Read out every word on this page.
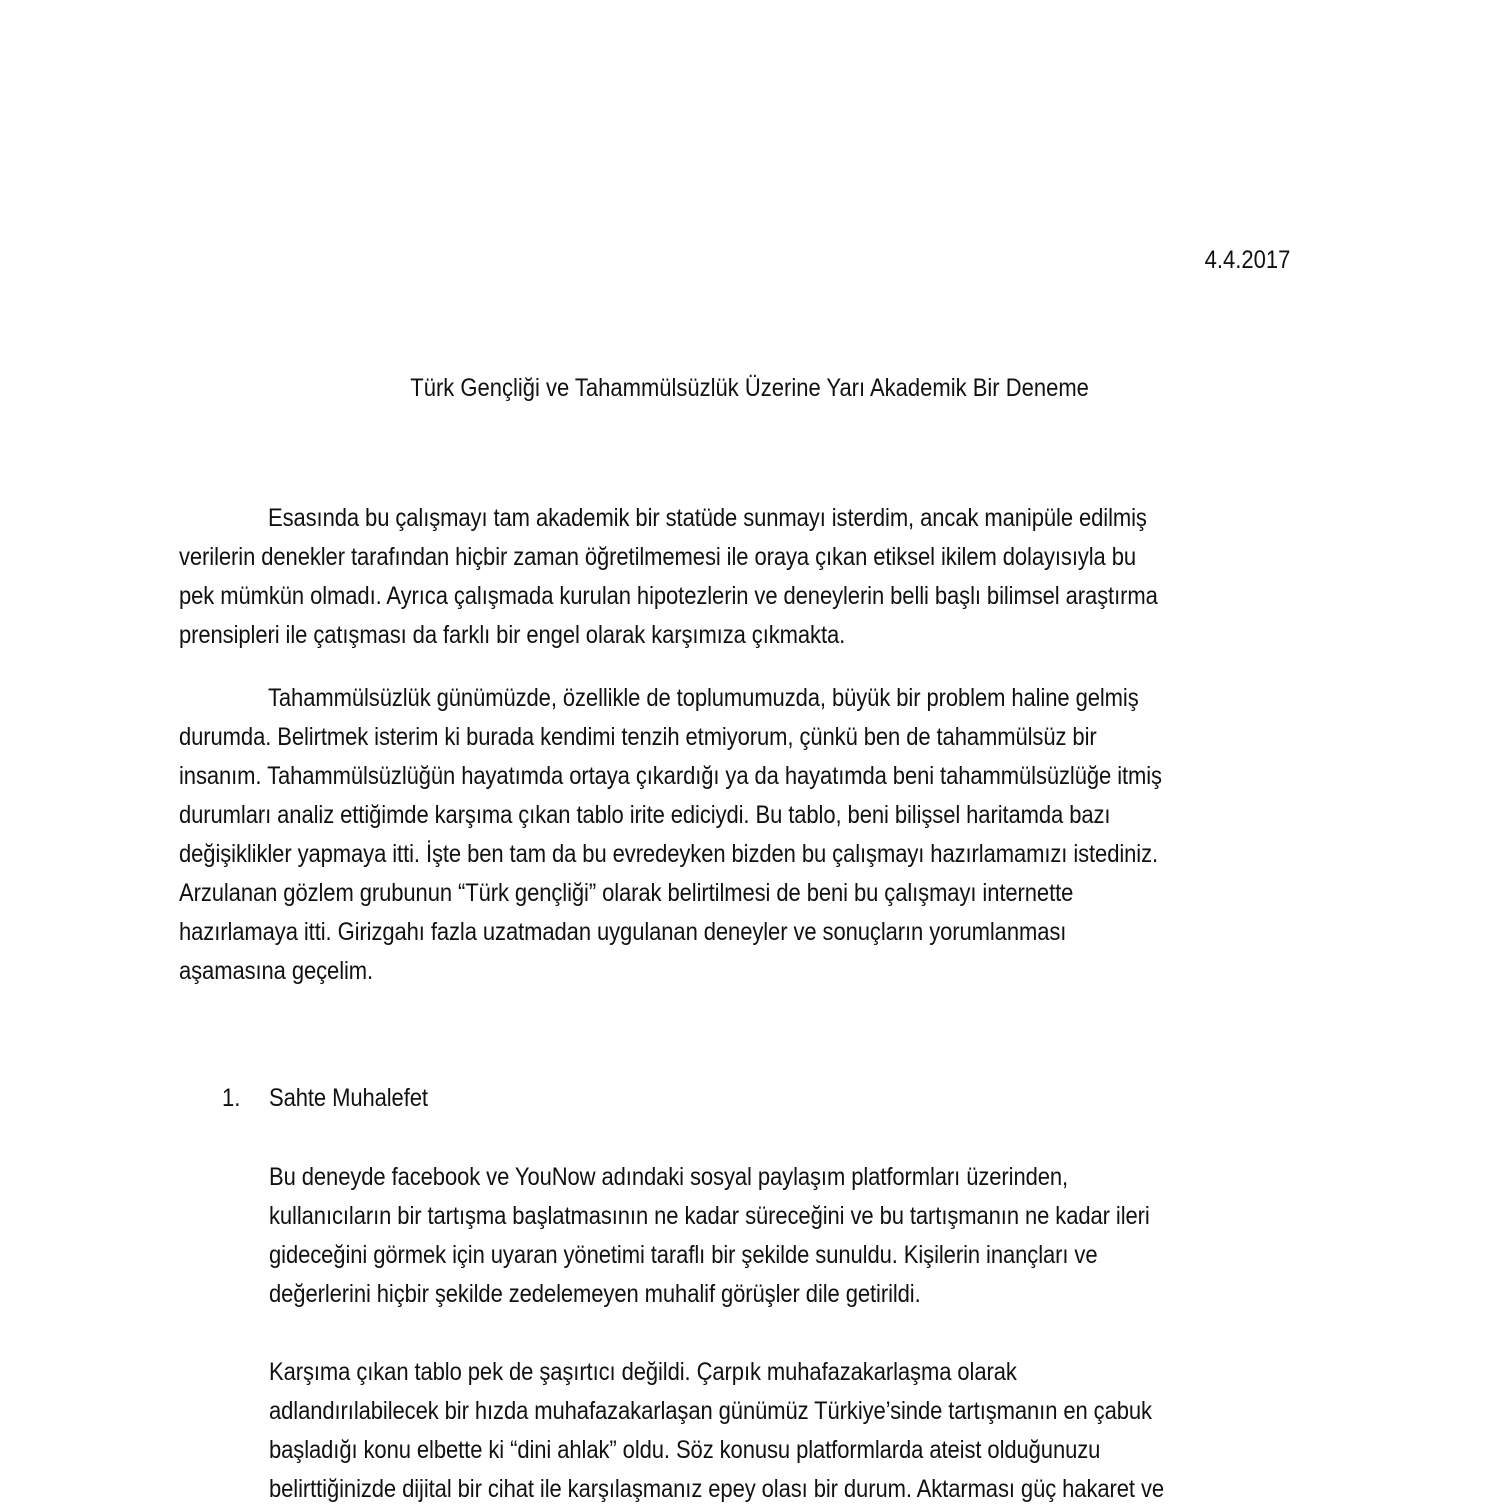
4.4.2017
Türk Gençliği ve Tahammülsüzlük Üzerine Yarı Akademik Bir Deneme
Esasında bu çalışmayı tam akademik bir statüde sunmayı isterdim, ancak manipüle edilmiş
verilerin denekler tarafından hiçbir zaman öğretilmemesi ile oraya çıkan etiksel ikilem dolayısıyla bu
pek mümkün olmadı. Ayrıca çalışmada kurulan hipotezlerin ve deneylerin belli başlı bilimsel araştırma
prensipleri ile çatışması da farklı bir engel olarak karşımıza çıkmakta.
Tahammülsüzlük günümüzde, özellikle de toplumumuzda, büyük bir problem haline gelmiş
durumda. Belirtmek isterim ki burada kendimi tenzih etmiyorum, çünkü ben de tahammülsüz bir
insanım. Tahammülsüzlüğün hayatımda ortaya çıkardığı ya da hayatımda beni tahammülsüzlüğe itmiş
durumları analiz ettiğimde karşıma çıkan tablo irite ediciydi. Bu tablo, beni bilişsel haritamda bazı
değişiklikler yapmaya itti. İşte ben tam da bu evredeyken bizden bu çalışmayı hazırlamamızı istediniz.
Arzulanan gözlem grubunun “Türk gençliği” olarak belirtilmesi de beni bu çalışmayı internette
hazırlamaya itti. Girizgahı fazla uzatmadan uygulanan deneyler ve sonuçların yorumlanması
aşamasına geçelim.
1. Sahte Muhalefet
Bu deneyde facebook ve YouNow adındaki sosyal paylaşım platformları üzerinden,
kullanıcıların bir tartışma başlatmasının ne kadar süreceğini ve bu tartışmanın ne kadar ileri
gideceğini görmek için uyaran yönetimi taraflı bir şekilde sunuldu. Kişilerin inançları ve
değerlerini hiçbir şekilde zedelemeyen muhalif görüşler dile getirildi.
Karşıma çıkan tablo pek de şaşırtıcı değildi. Çarpık muhafazakarlaşma olarak
adlandırılabilecek bir hızda muhafazakarlaşan günümüz Türkiye’sinde tartışmanın en çabuk
başladığı konu elbette ki “dini ahlak” oldu. Söz konusu platformlarda ateist olduğunuzu
belirttiğinizde dijital bir cihat ile karşılaşmanız epey olası bir durum. Aktarması güç hakaret ve
